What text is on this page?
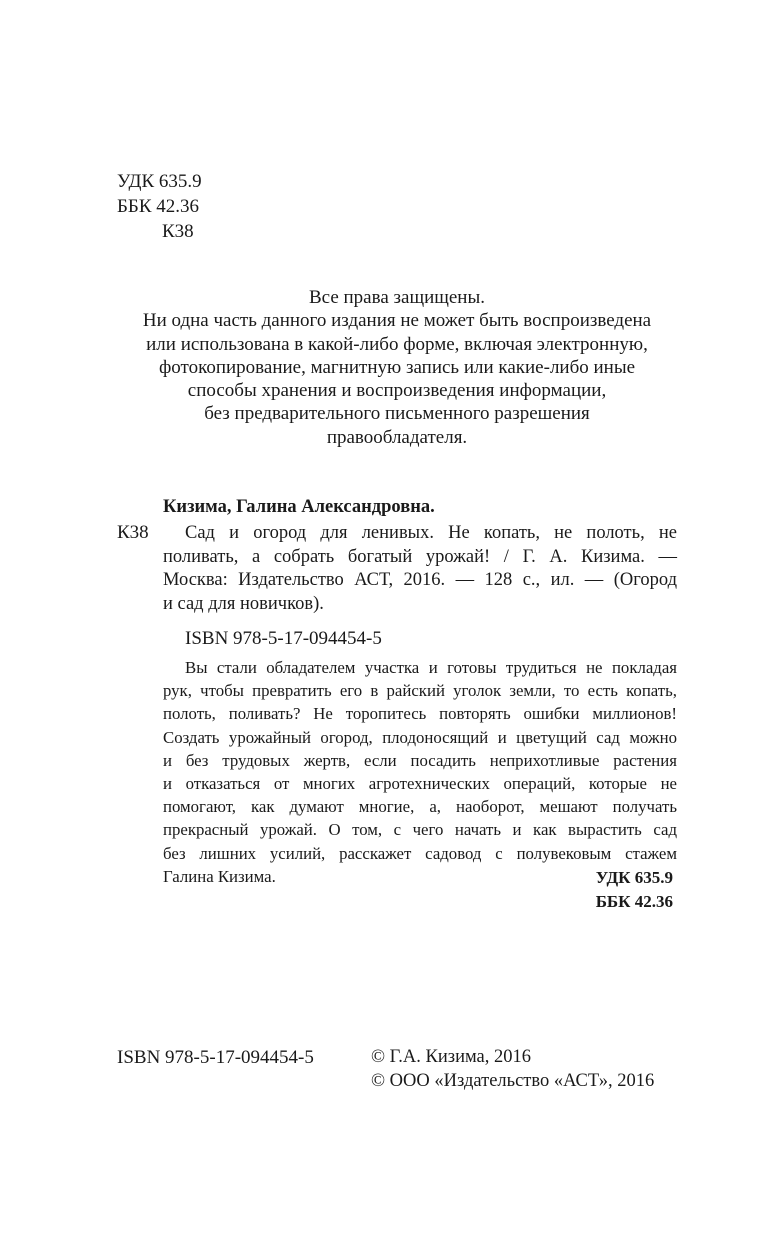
УДК 635.9
ББК 42.36
К38
Все права защищены.
Ни одна часть данного издания не может быть воспроизведена
или использована в какой-либо форме, включая электронную,
фотокопирование, магнитную запись или какие-либо иные
способы хранения и воспроизведения информации,
без предварительного письменного разрешения
правообладателя.
Кизима, Галина Александровна.
К38	Сад и огород для ленивых. Не копать, не полоть, не
поливать, а собрать богатый урожай! / Г. А. Кизима. —
Москва: Издательство АСТ, 2016. — 128 с., ил. — (Огород
и сад для новичков).
ISBN 978-5-17-094454-5
Вы стали обладателем участка и готовы трудиться не покладая
рук, чтобы превратить его в райский уголок земли, то есть копать,
полоть, поливать? Не торопитесь повторять ошибки миллионов!
Создать урожайный огород, плодоносящий и цветущий сад можно
и без трудовых жертв, если посадить неприхотливые растения
и отказаться от многих агротехнических операций, которые не
помогают, как думают многие, а, наоборот, мешают получать
прекрасный урожай. О том, с чего начать и как вырастить сад
без лишних усилий, расскажет садовод с полувековым стажем
Галина Кизима.	УДК 635.9
ББК 42.36
ISBN 978-5-17-094454-5	© Г.А. Кизима, 2016
© ООО «Издательство «АСТ», 2016
